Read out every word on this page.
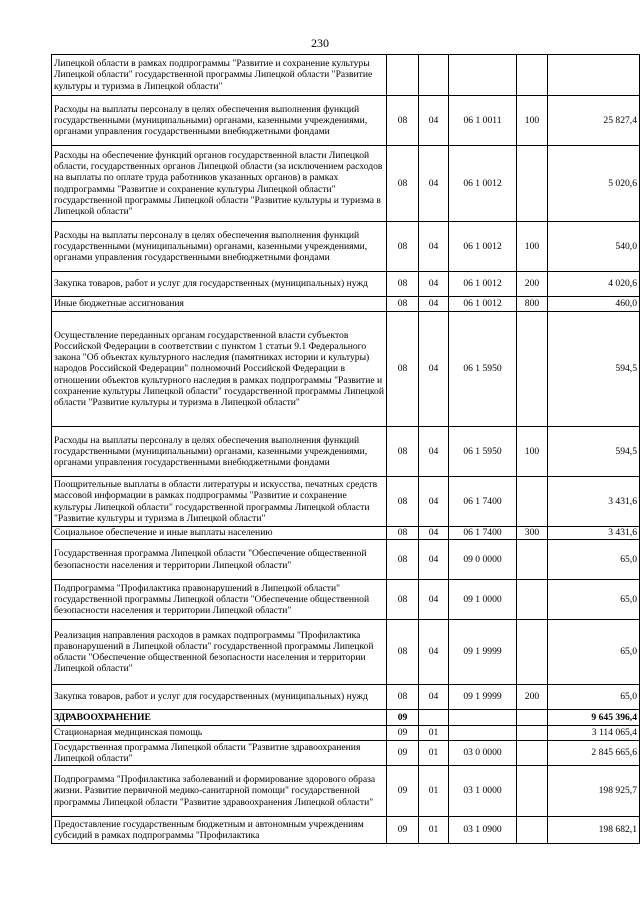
230
Липецкой области в рамках подпрограммы "Развитие и сохранение культуры Липецкой области" государственной программы Липецкой области "Развитие культуры и туризма в Липецкой области"					
Расходы на выплаты персоналу в целях обеспечения выполнения функций государственными (муниципальными) органами, казенными учреждениями, органами управления государственными внебюджетными фондами	08	04	06 1 0011	100	25 827,4
Расходы на обеспечение функций органов государственной власти Липецкой области, государственных органов Липецкой области (за исключением расходов на выплаты по оплате труда работников указанных органов) в рамках подпрограммы "Развитие и сохранение культуры Липецкой области" государственной программы Липецкой области "Развитие культуры и туризма в Липецкой области"	08	04	06 1 0012		5 020,6
Расходы на выплаты персоналу в целях обеспечения выполнения функций государственными (муниципальными) органами, казенными учреждениями, органами управления государственными внебюджетными фондами	08	04	06 1 0012	100	540,0
Закупка товаров, работ и услуг для государственных (муниципальных) нужд	08	04	06 1 0012	200	4 020,6
Иные бюджетные ассигнования	08	04	06 1 0012	800	460,0
Осуществление переданных органам государственной власти субъектов Российской Федерации в соответствии с пунктом 1 статьи 9.1 Федерального закона "Об объектах культурного наследия (памятниках истории и культуры) народов Российской Федерации" полномочий Российской Федерации в отношении объектов культурного наследия в рамках подпрограммы "Развитие и сохранение культуры Липецкой области" государственной программы Липецкой области "Развитие культуры и туризма в Липецкой области"	08	04	06 1 5950		594,5
Расходы на выплаты персоналу в целях обеспечения выполнения функций государственными (муниципальными) органами, казенными учреждениями, органами управления государственными внебюджетными фондами	08	04	06 1 5950	100	594,5
Поощрительные выплаты в области литературы и искусства, печатных средств массовой информации в рамках подпрограммы "Развитие и сохранение культуры Липецкой области" государственной программы Липецкой области "Развитие культуры и туризма в Липецкой области"	08	04	06 1 7400		3 431,6
Социальное обеспечение и иные выплаты населению	08	04	06 1 7400	300	3 431,6
Государственная программа Липецкой области "Обеспечение общественной безопасности населения и территории Липецкой области"	08	04	09 0 0000		65,0
Подпрограмма "Профилактика правонарушений в Липецкой области" государственной программы Липецкой области "Обеспечение общественной безопасности населения и территории Липецкой области"	08	04	09 1 0000		65,0
Реализация направления расходов в рамках подпрограммы "Профилактика правонарушений в Липецкой области" государственной программы Липецкой области "Обеспечение общественной безопасности населения и территории Липецкой области"	08	04	09 1 9999		65,0
Закупка товаров, работ и услуг для государственных (муниципальных) нужд	08	04	09 1 9999	200	65,0
ЗДРАВООХРАНЕНИЕ	09				9 645 396,4
Стационарная медицинская помощь	09	01			3 114 065,4
Государственная программа Липецкой области "Развитие здравоохранения Липецкой области"	09	01	03 0 0000		2 845 665,6
Подпрограмма "Профилактика заболеваний и формирование здорового образа жизни. Развитие первичной медико-санитарной помощи" государственной программы Липецкой области "Развитие здравоохранения Липецкой области"	09	01	03 1 0000		198 925,7
Предоставление государственным бюджетным и автономным учреждениям субсидий в рамках подпрограммы "Профилактика	09	01	03 1 0900		198 682,1
